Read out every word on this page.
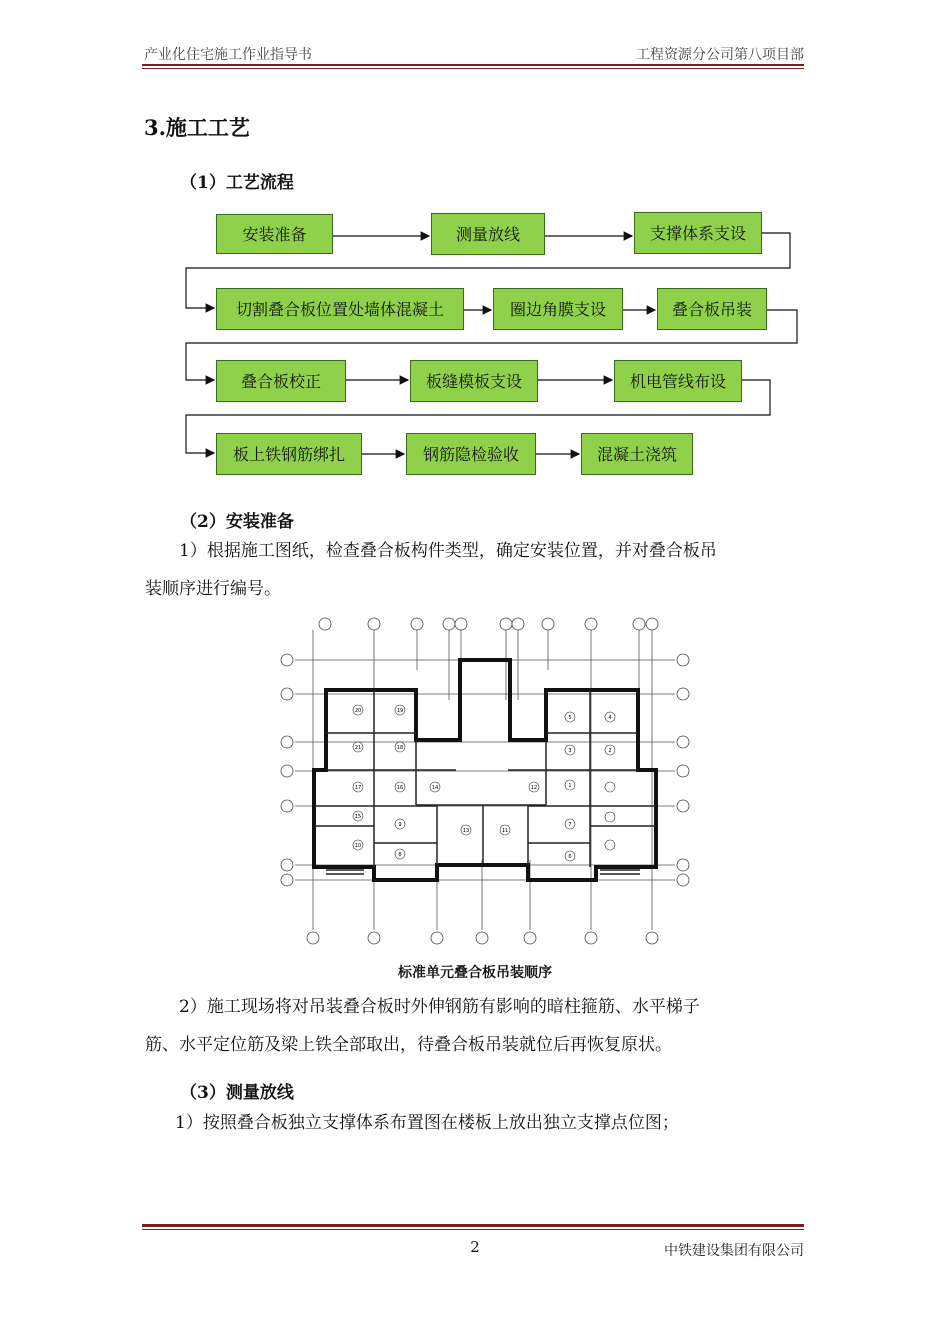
产业化住宅施工作业指导书	工程资源分公司第八项目部
3.施工工艺
（1）工艺流程
安装准备	测量放线	支撑体系支设
切割叠合板位置处墙体混凝土	圈边角膜支设	叠合板吊装
叠合板校正	板缝模板支设	机电管线布设
板上铁钢筋绑扎	钢筋隐检验收	混凝土浇筑
（2）安装准备
1）根据施工图纸，检查叠合板构件类型，确定安装位置，并对叠合板吊
装顺序进行编号。
20	19
21	18
17	16	14	12
15
9
13	11
10
8
7
6
5	4
3	2
1
标准单元叠合板吊装顺序
2）施工现场将对吊装叠合板时外伸钢筋有影响的暗柱箍筋、水平梯子
筋、水平定位筋及梁上铁全部取出，待叠合板吊装就位后再恢复原状。
（3）测量放线
1）按照叠合板独立支撑体系布置图在楼板上放出独立支撑点位图；
2	中铁建设集团有限公司
